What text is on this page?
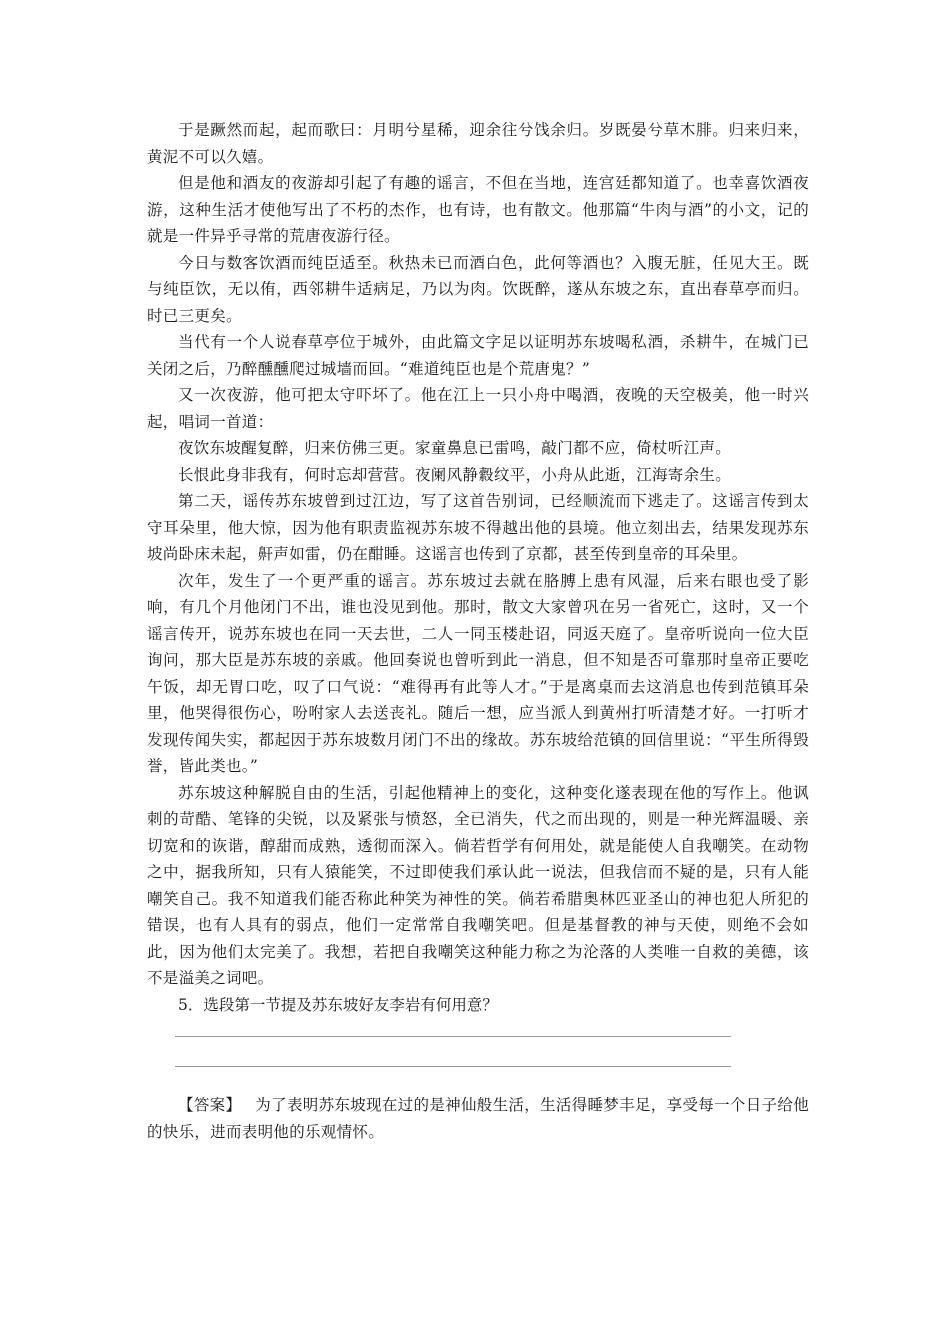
于是蹶然而起，起而歌曰：月明兮星稀，迎余往兮饯余归。岁既晏兮草木腓。归来归来，黄泥不可以久嬉。

但是他和酒友的夜游却引起了有趣的谣言，不但在当地，连宫廷都知道了。也幸喜饮酒夜游，这种生活才使他写出了不朽的杰作，也有诗，也有散文。他那篇“牛肉与酒”的小文，记的就是一件异乎寻常的荒唐夜游行径。

今日与数客饮酒而纯臣适至。秋热未已而酒白色，此何等酒也？入腹无脏，任见大王。既与纯臣饮，无以侑，西邻耕牛适病足，乃以为肉。饮既醉，遂从东坡之东，直出春草亭而归。时已三更矣。

当代有一个人说春草亭位于城外，由此篇文字足以证明苏东坡喝私酒，杀耕牛，在城门已关闭之后，乃醉醺醺爬过城墙而回。“难道纯臣也是个荒唐鬼？”

又一次夜游，他可把太守吓坏了。他在江上一只小舟中喝酒，夜晚的天空极美，他一时兴起，唱词一首道：

夜饮东坡醒复醉，归来仿佛三更。家童鼻息已雷鸣，敲门都不应，倚杖听江声。

长恨此身非我有，何时忘却营营。夜阑风静縠纹平，小舟从此逝，江海寄余生。

第二天，谣传苏东坡曾到过江边，写了这首告别词，已经顺流而下逃走了。这谣言传到太守耳朵里，他大惊，因为他有职责监视苏东坡不得越出他的县境。他立刻出去，结果发现苏东坡尚卧床未起，鼾声如雷，仍在酣睡。这谣言也传到了京都，甚至传到皇帝的耳朵里。

次年，发生了一个更严重的谣言。苏东坡过去就在胳膊上患有风湿，后来右眼也受了影响，有几个月他闭门不出，谁也没见到他。那时，散文大家曾巩在另一省死亡，这时，又一个谣言传开，说苏东坡也在同一天去世，二人一同玉楼赴诏，同返天庭了。皇帝听说向一位大臣询问，那大臣是苏东坡的亲戚。他回奏说也曾听到此一消息，但不知是否可靠那时皇帝正要吃午饭，却无胃口吃，叹了口气说：“难得再有此等人才。”于是离桌而去这消息也传到范镇耳朵里，他哭得很伤心，吩咐家人去送丧礼。随后一想，应当派人到黄州打听清楚才好。一打听才发现传闻失实，都起因于苏东坡数月闭门不出的缘故。苏东坡给范镇的回信里说：“平生所得毁誉，皆此类也。”

苏东坡这种解脱自由的生活，引起他精神上的变化，这种变化遂表现在他的写作上。他讽刺的苛酷、笔锋的尖锐，以及紧张与愤怒，全已消失，代之而出现的，则是一种光辉温暖、亲切宽和的诙谐，醇甜而成熟，透彻而深入。倘若哲学有何用处，就是能使人自我嘲笑。在动物之中，据我所知，只有人猿能笑，不过即使我们承认此一说法，但我信而不疑的是，只有人能嘲笑自己。我不知道我们能否称此种笑为神性的笑。倘若希腊奥林匹亚圣山的神也犯人所犯的错误，也有人具有的弱点，他们一定常常自我嘲笑吧。但是基督教的神与天使，则绝不会如此，因为他们太完美了。我想，若把自我嘲笑这种能力称之为沦落的人类唯一自救的美德，该不是溢美之词吧。

5．选段第一节提及苏东坡好友李岩有何用意？

【答案】 为了表明苏东坡现在过的是神仙般生活，生活得睡梦丰足，享受每一个日子给他的快乐，进而表明他的乐观情怀。
